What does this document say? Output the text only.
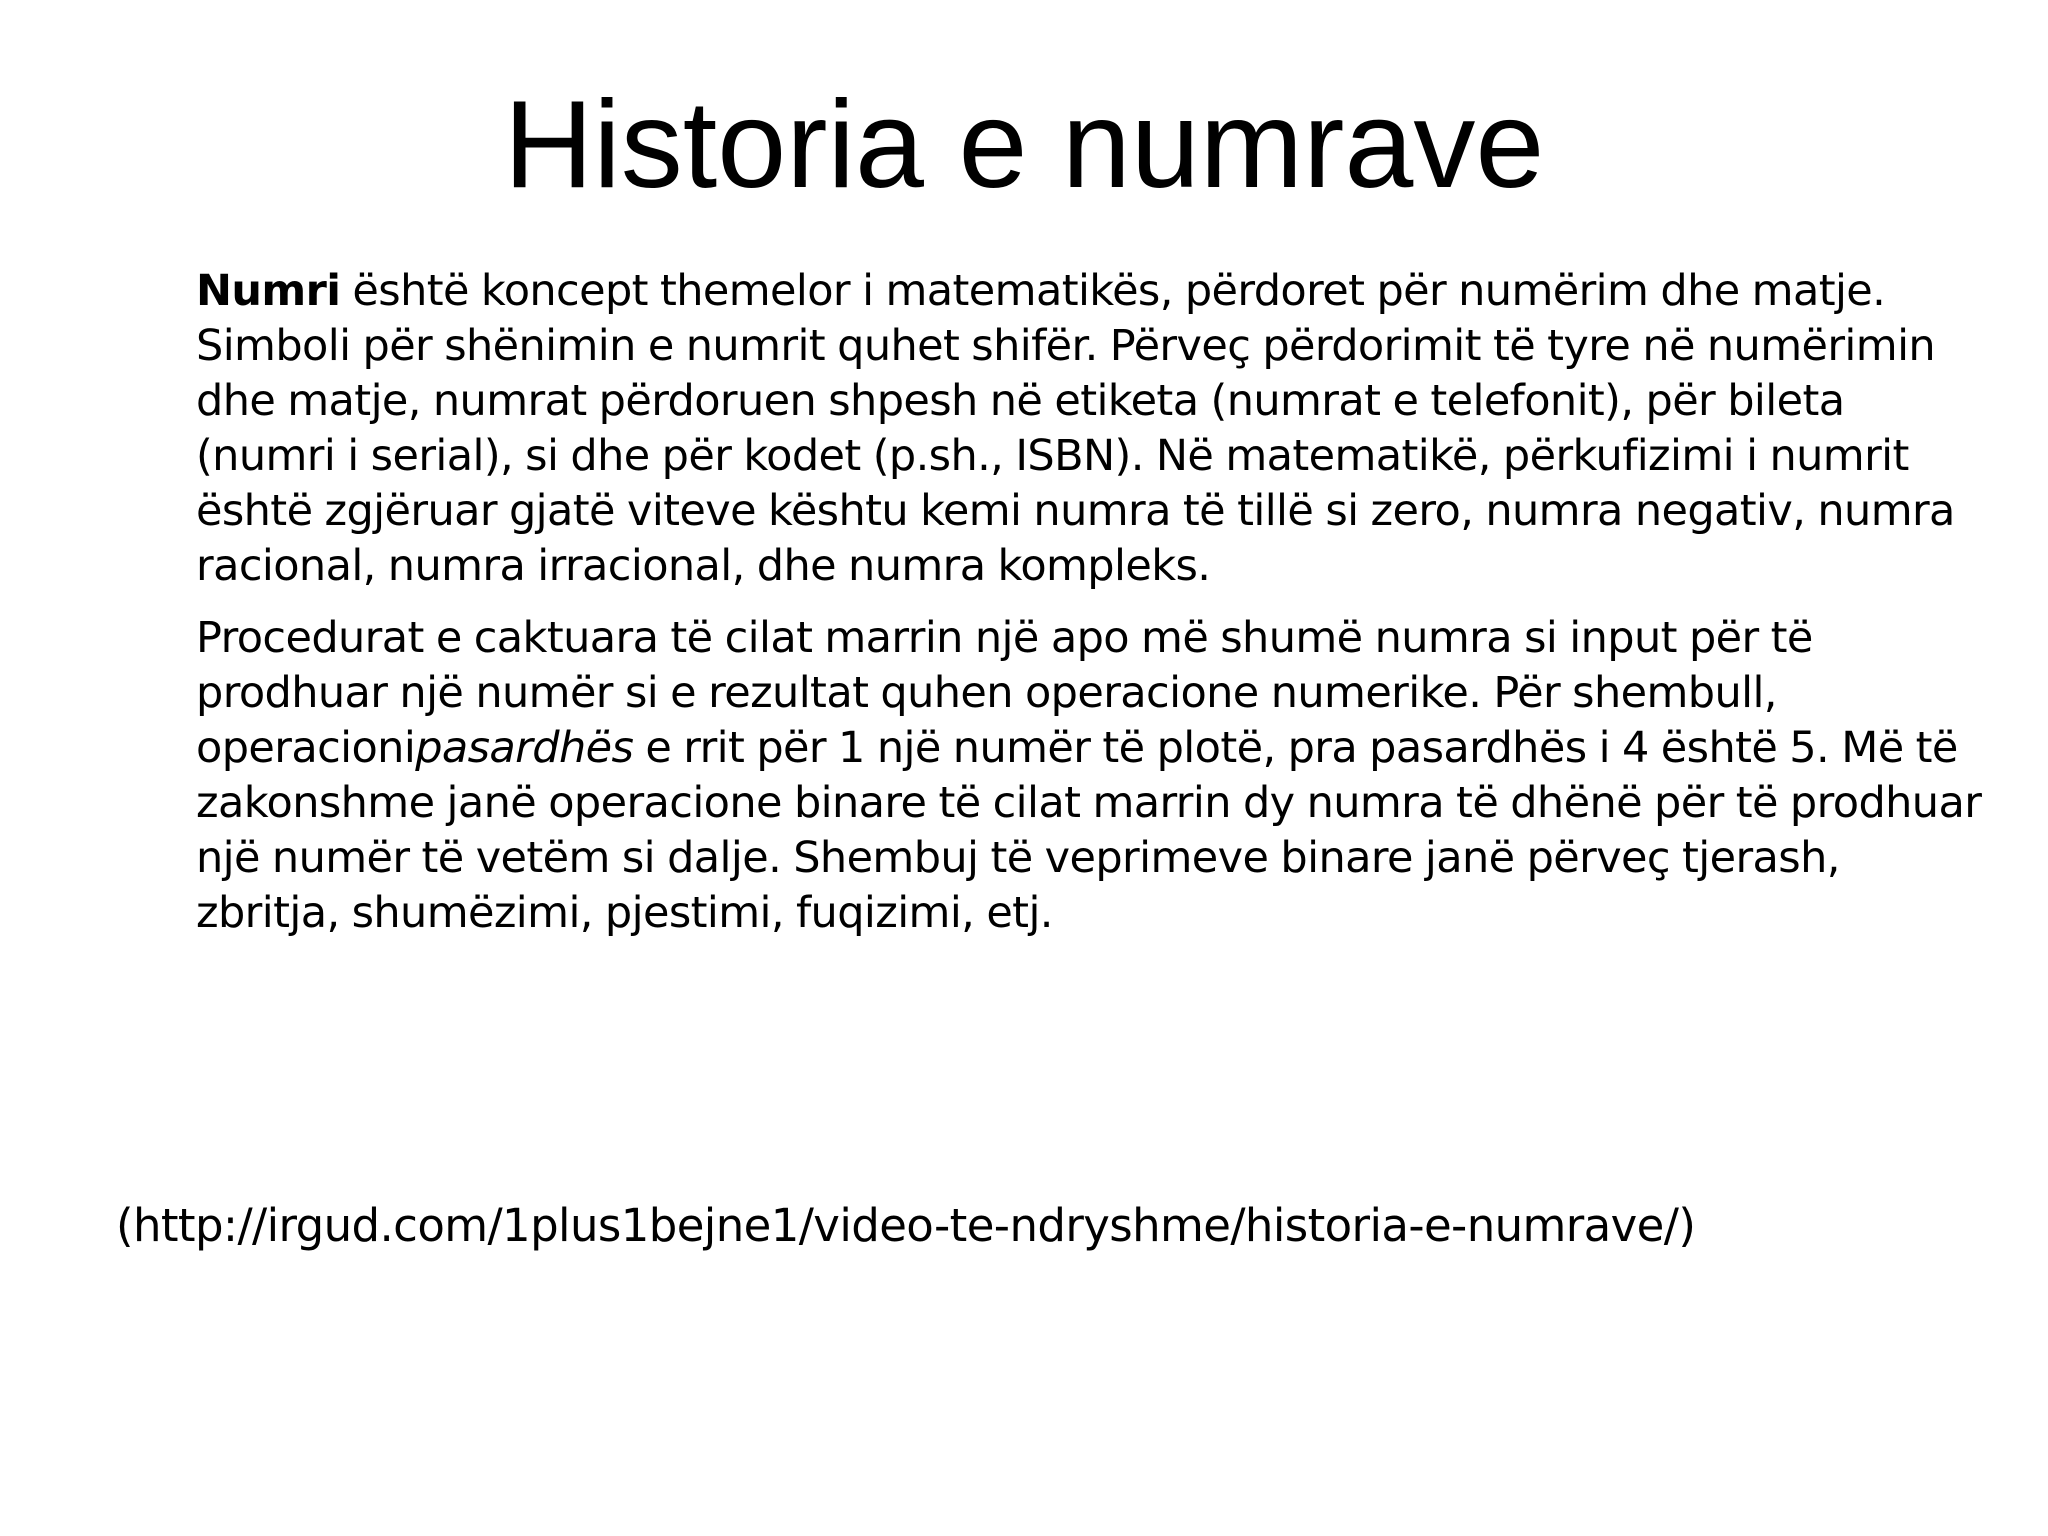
Historia e numrave

Numri është koncept themelor i matematikës, përdoret për numërim dhe matje. Simboli për shënimin e numrit quhet shifër. Përveç përdorimit të tyre në numërimin dhe matje, numrat përdoruen shpesh në etiketa (numrat e telefonit), për bileta (numri i serial), si dhe për kodet (p.sh., ISBN). Në matematikë, përkufizimi i numrit është zgjëruar gjatë viteve kështu kemi numra të tillë si zero, numra negativ, numra racional, numra irracional, dhe numra kompleks.

Procedurat e caktuara të cilat marrin një apo më shumë numra si input për të prodhuar një numër si e rezultat quhen operacione numerike. Për shembull, operacionipasardhës e rrit për 1 një numër të plotë, pra pasardhës i 4 është 5. Më të zakonshme janë operacione binare të cilat marrin dy numra të dhënë për të prodhuar një numër të vetëm si dalje. Shembuj të veprimeve binare janë përveç tjerash, zbritja, shumëzimi, pjestimi, fuqizimi, etj.

(http://irgud.com/1plus1bejne1/video-te-ndryshme/historia-e-numrave/)
